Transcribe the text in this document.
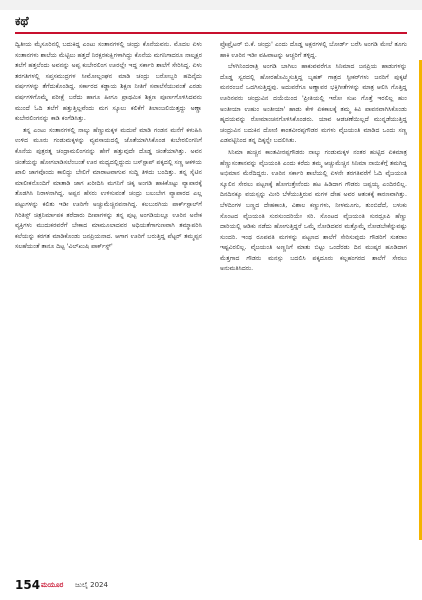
ಕಥೆ

ದ್ವಿತೀಯ ಮೈಸೂರಿನಲ್ಲಿ ಬದುಕಿದ್ದ ಎಂಟು ಸಂತಾನಗಳಲ್ಲಿ ಚಂದ್ರು ಕೊನೆಯವನು. ಮೊದಲ ಏಳು ಸಂತಾನಗಳು ಶಾಲೆಯ ಮೆಟ್ಟಿಲು ಹತ್ತದೆ ನಿರಕ್ಷರಕುಕ್ಷಿಗಳಾಗಿದ್ದು ಕೊನೆಯ ಮಗನಿಗಾದರೂ ನಾಲ್ಕಕ್ಷರ ತಲೆಗೆ ಹತ್ತಲೆಂದು ಅವನನ್ನು ಅಪ್ಪ ಕುಬೇರಲಿಂಗ ಊರಲ್ಲೇ ಇದ್ದ ಸರ್ಕಾರಿ ಶಾಲೆಗೆ ಸೇರಿಸಿದ್ದ. ಏಳು ತರಗತಿಗಳಲ್ಲಿ ಸಪ್ತಸಮುದ್ರಗಳ ಸೀಮೋಲ್ಲಂಘನ ಮಾಡಿ ಚಂದ್ರು ಬರೋಬ್ಬರಿ ಹದಿನೈದು ವರ್ಷಗಳನ್ನು ತೆಗೆದುಕೊಂಡಿದ್ದ. ಸರ್ಕಾರದ ಕಡ್ಡಾಯ ಶಿಕ್ಷಣ ನೀತಿಗೆ ಸವಾಲೆಸೆಯುವಂತೆ ಎರಡು ವರ್ಷಗಳಿಗೊಮ್ಮೆ ಪರೀಕ್ಷೆ ಬರೆದು ಹಾಗೂ ಹೀಗೂ ಪ್ರಾಥಮಿಕ ಶಿಕ್ಷಣ ಪೂರ್ಣಗೊಳಿಸಿದವನು ಮುಂದೆ ಓದಿ ತಲೆಗೆ ಹತ್ತುತ್ತಿಲ್ಲವೆಂದು ಮಗ ಸ್ಕೂಲು ಕಲಿಕೆಗೆ ತಿಲಾಂಜಲಿಯಿತ್ತದ್ದು ಅಣ್ಣಾ ಕುಬೇರಲಿಂಗನನ್ನು ಕಾಡಿ ಕಂಗೆಡಿಸಿತ್ತು.

ತನ್ನ ಎಂಟು ಸಂತಾನಗಳಲ್ಲಿ ನಾಲ್ಕು ಹೆಣ್ಣುಮಕ್ಕಳ ಮದುವೆ ಮಾಡಿ ಗಂಡನ ಮನೆಗೆ ಕಳುಹಿಸಿ ಉಳಿದ ಮೂರು ಗಂಡುಮಕ್ಕಳನ್ನು ವ್ಯವಸಾಯದಲ್ಲಿ ಜೊತೆಯಾಗಿಸಿಕೊಂಡ ಕುಬೇರಲಿಂಗನಿಗೆ ಕೊನೆಯ ಪುತ್ರರತ್ನ ಚಂದ್ರಾಮಲಿಂಗನನ್ನು ಹೇಗೆ ಹತ್ತುವುದೇ ದೊಡ್ಡ ಚಿಂತೆಯಾಗಿತ್ತು. ಅವನ ಚಿಂತೆಯನ್ನು ಹೋಗಲಾಡಿಸಲೆಂಬಂತೆ ಊರ ಮಧ್ಯದಲ್ಲಿದ್ದುದು ಬಸ್‌ಸ್ಟಾಪ್ ಪಕ್ಕದಲ್ಲಿ ಸಣ್ಣ ಆಕಳಿಯ ಖಾಲಿ ಜಾಗವೊಂದು ಕಾಲಿದ್ದು ಬೇಲಿಗೆ ಮಾರಾಟವಾಗುವ ಸುದ್ದಿ ತಿಳಿದು ಬಂದಿತ್ತು. ತನ್ನ ಸೈಟಿನ ಮಾಲೀಕನೊಂದಿಗೆ ಮಾತಾಡಿ ಜಾಗ ಖರೀದಿಸಿ ಮಗನಿಗೆ ಚಿಕ್ಕ ಅಂಗಡಿ ಹಾಕಿಕೊಟ್ಟು ವ್ಯಾಪಾರಕ್ಕೆ ತೊಡಗಿಸಿ ನಿರಾಳನಾಗಿದ್ದ. ಅಪ್ಪನ ಹೆಸರು ಉಳಿಸುವಂತೆ ಚಂದ್ರು ಬಲುಬೇಗ ವ್ಯಾಪಾರದ ಎಲ್ಲ ಪಟ್ಟುಗಳನ್ನು ಕಲಿತು ಇಡೀ ಊರಿಗೇ ಅಚ್ಚುಮೆಚ್ಚಿನವನಾಗಿದ್ದ. ಕಲಬುರಗಿಯ ಪಾರ್ಕ್‌ಸ್ಟಾಲ್‌ಗೆ ಗಿರಿತಿಸ್ಟ್ ಚಿತ್ರನಿರ್ಮಾಪಕ ತರೆದಾರು ದೀಪಾಗಳನ್ನು ತನ್ನ ಪುಟ್ಟ ಅಂಗಡಿಯಲ್ಲೂ ಊರಿನ ಅನೇಕ ವ್ಯಕ್ತಿಗಳು ಮುದುಕರವರೆಗೆ ಬೇಕಾದ ಮಾಮೂಲಾದವರ ಅಧಿಯತೆಗಾಗುಣವಾಗಿ ತಮ್ಮಾಪರಿಸಿ ಕಲೆಯನ್ನು ಕರಗತ ಮಾಡಿಕೊಂಡು ಜನಪ್ರಿಯನಾದ. ಆಗಾಗ ಊರಿಗೆ ಬರುತ್ತಿದ್ದ ಪೆಟ್ಟರ್ ತಮ್ಮಪ್ಪನ ಸಲಹೆಯಂತೆ ತಾನೂ ದಿಟ್ಟ 'ವಿಲ್‌ಖುಷಿ ಪಾರ್ಕ್‌ಸ್ಟ್'

ಪ್ರೊಪ್ರೈಟರ್ ಬಿ.ಕೆ. ಚಂದ್ರು' ಎಂದು ದೊಡ್ಡ ಅಕ್ಷರಗಳಲ್ಲಿ ಬೋರ್ಡ್ ಬರೆಸಿ ಅಂಗಡಿ ಮೇಲೆ ತೂಗು ಹಾಕಿ ಊರಿನ ಇಡೀ ವಹಿವಾಟನ್ನು ಆಚ್ಚರಿಗೆ ತಳ್ಳಿದ್ದ.

ಬೆಳಗಿನಿಂದರಾತ್ರಿ ಅಂಗಡಿ ಬಾಗಿಲು ಹಾಕುವವರೆಗೂ ಸಿನಿಮಾದ ಜನಪ್ರಿಯ ಹಾಡುಗಳನ್ನು ದೊಡ್ಡ ಸ್ವರದಲ್ಲಿ ಹೋರಹೊಮ್ಮಿಸುತ್ತಿದ್ದ ಬೃಹತ್ ಗಾತ್ರದ ಸ್ಪೀಕರ್‌ಗಳು ಜನರಿಗೆ ಪುಕ್ಕಟೆ ಮನರಂಜನೆ ಒದಗಿಸುತ್ತಿದ್ದವು. ಅದುವರೆಗೂ ಅಣ್ಣಾವರ ಭಕ್ತಿಗೀತೆಗಳನ್ನು ಮಾತ್ರ ಆಲಿಸಿ ಗೊತ್ತಿದ್ದ ಊರಿನವರು ಚಂದ್ರುವಿನ ದಯೆಯಿಂದ 'ಪ್ರೀತಿಯಲ್ಲಿ ಇರೋ ಸುಖ ಗೊತ್ತೆ ಇರಲಿಲ್ಲ ಹುಂ ಅಂತೀಯಾ ಉಹುಂ ಅಂತೀಯಾ' ಹಾಡು ಕೇಳಿ ಏಕಕಾಲಕ್ಕೆ ತಮ್ಮ ಕಿವಿ ಪಾವನವಾಗಿಸಿಕೊಂಡು ಹೃದಯವನ್ನು ರೋಮಾಂಚನಗೊಳಿಸಿಕೊಂಡರು. ಯಾವ ಆಡಚಣೆಯಿಲ್ಲದೆ ಮುನ್ನಡೆಯುತ್ತಿದ್ದ ಚಂದ್ರುವಿನ ಬದುಕಿನ ದೋಣಿ ಕಾಂತವೀರಪ್ಪಗೌಡರ ಮಗಳು ವೈಜಯಂತಿ ಮಾಡಿದ ಒಂದು ಸಣ್ಣ ಎಡವಟ್ಟಿನಿಂದ ತನ್ನ ದಿಕ್ಕನ್ನೇ ಬದಲಿಸಿತು.

ಸಿನಿಮಾ ಹುಚ್ಚಿನ ಕಾಂತವೀರಪ್ಪಗೌಡರು ನಾಲ್ಕು ಗಂಡುಮಕ್ಕಳ ನಂತರ ಹುಟ್ಟಿದ ಏಕಮಾತ್ರ ಹೆಣ್ಣುಸಂತಾನವನ್ನು ವೈಜಯಂತಿ ಎಂದು ಕರೆದು ತಮ್ಮ ಆಚ್ಚುಮೆಚ್ಚಿನ ಸಿನಿಮಾ ನಾಯಿಕೆಗ್ಗೆ ತಮಗಿದ್ದ ಅಭಿಮಾನ ಮೆರೆದಿದ್ದರು. ಊರಿನ ಸರ್ಕಾರಿ ಶಾಲೆಯಲ್ಲಿ ಏಳನೇ ತರಗತಿವರೆಗೆ ಓದಿ ವೈಜಯಂತಿ ಸ್ಕೂಲಿನ ಸೇರಲು ಪಟ್ಟಣಕ್ಕೆ ಹೋಗುತ್ತೇನೆಂದು ಹಟ ಹಿಡಿದಾಗ ಗೌಡರು ಜಪ್ಪಯ್ಯ ಎಂದಿರಲಿಲ್ಲ. ದಿನದಿನಕ್ಕೂ ವಯಸ್ಸನ್ನು ಮೀರಿ ಬೆಳೆಯುತ್ತಿರುವ ಮಗಳ ದೇಹ ಅವರ ಆತಂಕಕ್ಕೆ ಕಾರಣವಾಗಿತ್ತು. ಬೆಳದಿಂಗಳ ಬಣ್ಣದ ದೇಹಕಾಂತಿ, ವಿಶಾಲ ಕಣ್ಣುಗಳು, ನೀಳಮೂಗು, ತುಂಬಿದೆದೆ, ಬಳುಕು ಸೊಂಟದ ವೈಜಯಂತಿ ಸುರಸುಂದರಿಯೇ ಸರಿ. ಸೊಂಟದ ವೈಜಯಂತಿ ಸುರದ್ರೂಪಿ ಹೆಣ್ಣು ದಾರಿಯಲ್ಲಿ ಆಡಿಕು ನಡೆದು ಹೋಗುತ್ತಿದ್ದರೆ ಒಮ್ಮೆ ನೋಡಿದವರ ಮತ್ತೊಮ್ಮೆ ನೋಡಬೇಕೆನ್ನುವಷ್ಟು ಸುಂದರಿ. ಇಂಥ ರೂಪವತಿ ಮಗಳನ್ನು ಪಟ್ಟಣದ ಶಾಲೆಗೆ ಸೇರಿಸುವುದು ಗೌಡರಿಗೆ ಸುತರಾಂ ಇಷ್ಟವಿರಲಿಲ್ಲ. ವೈಜಯಂತಿ ಅಣ್ಣನಿಗೆ ಮಾತು ಬಿಟ್ಟು ಒಂದೆರಡು ದಿನ ಮುಷ್ಕರ ಹೂಡಿದಾಗ ಮೆತ್ತಗಾದ ಗೌಡರು ಮನಸ್ಸು ಬದಲಿಸಿ ಪಕ್ಕದೂರು ಕಲ್ಲಹಂಗರದ ಶಾಲೆಗೆ ಸೇರಲು ಅನುಮತಿಸಿದರು.

154 ಮಯೂರ ಜುಲೈ 2024
